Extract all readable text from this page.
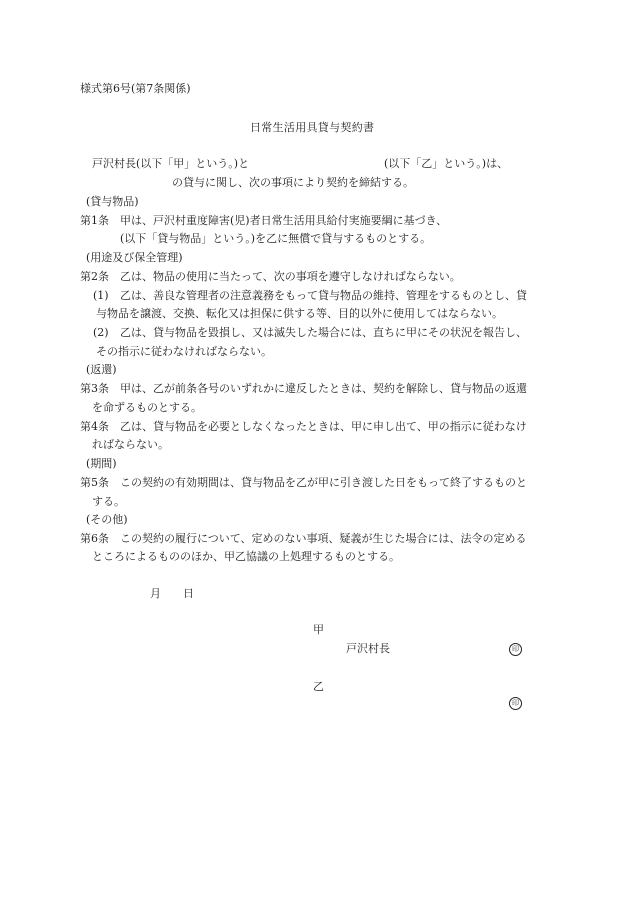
様式第6号(第7条関係)
日常生活用具貸与契約書
戸沢村長(以下「甲」という。)と	(以下「乙」という。)は、
の貸与に関し、次の事項により契約を締結する。
(貸与物品)
第1条 甲は、戸沢村重度障害(児)者日常生活用具給付実施要綱に基づき、
(以下「貸与物品」という。)を乙に無償で貸与するものとする。
(用途及び保全管理)
第2条 乙は、物品の使用に当たって、次の事項を遵守しなければならない。
(1) 乙は、善良な管理者の注意義務をもって貸与物品の維持、管理をするものとし、貸
与物品を譲渡、交換、転化又は担保に供する等、目的以外に使用してはならない。
(2) 乙は、貸与物品を毀損し、又は滅失した場合には、直ちに甲にその状況を報告し、
その指示に従わなければならない。
(返還)
第3条 甲は、乙が前条各号のいずれかに違反したときは、契約を解除し、貸与物品の返還
を命ずるものとする。
第4条 乙は、貸与物品を必要としなくなったときは、甲に申し出て、甲の指示に従わなけ
ればならない。
(期間)
第5条 この契約の有効期間は、貸与物品を乙が甲に引き渡した日をもって終了するものと
する。
(その他)
第6条 この契約の履行について、定めのない事項、疑義が生じた場合には、法令の定める
ところによるもののほか、甲乙協議の上処理するものとする。
月 日
甲
戸沢村長	印
乙
印
